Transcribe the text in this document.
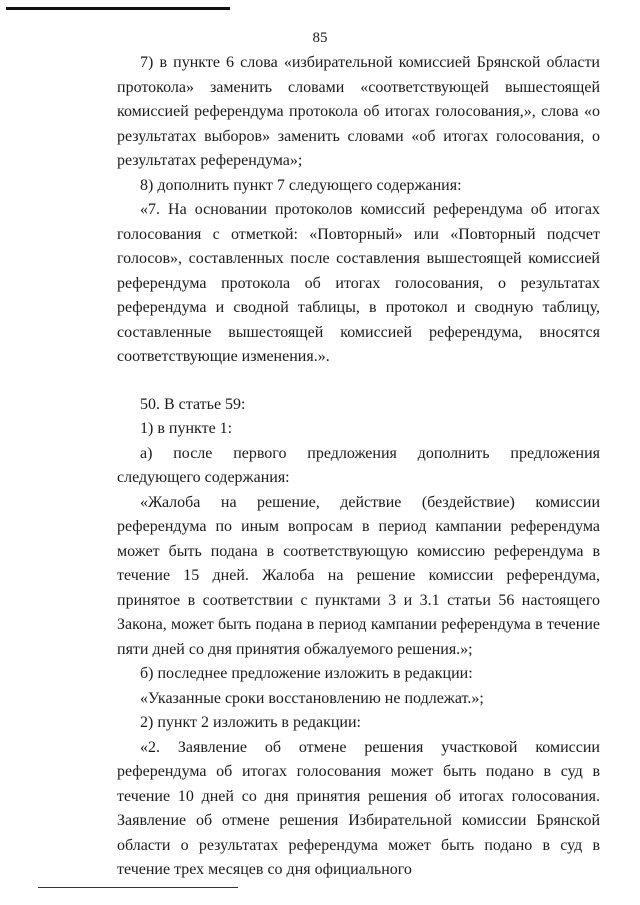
85

7) в пункте 6 слова «избирательной комиссией Брянской области протокола» заменить словами «соответствующей вышестоящей комиссией референдума протокола об итогах голосования,», слова «о результатах выборов» заменить словами «об итогах голосования, о результатах референдума»;

8) дополнить пункт 7 следующего содержания:

«7. На основании протоколов комиссий референдума об итогах голосования с отметкой: «Повторный» или «Повторный подсчет голосов», составленных после составления вышестоящей комиссией референдума протокола об итогах голосования, о результатах референдума и сводной таблицы, в протокол и сводную таблицу, составленные вышестоящей комиссией референдума, вносятся соответствующие изменения.».

50. В статье 59:

1) в пункте 1:

а) после первого предложения дополнить предложения следующего содержания:

«Жалоба на решение, действие (бездействие) комиссии референдума по иным вопросам в период кампании референдума может быть подана в соответствующую комиссию референдума в течение 15 дней. Жалоба на решение комиссии референдума, принятое в соответствии с пунктами 3 и 3.1 статьи 56 настоящего Закона, может быть подана в период кампании референдума в течение пяти дней со дня принятия обжалуемого решения.»;

б) последнее предложение изложить в редакции:

«Указанные сроки восстановлению не подлежат.»;

2) пункт 2 изложить в редакции:

«2. Заявление об отмене решения участковой комиссии референдума об итогах голосования может быть подано в суд в течение 10 дней со дня принятия решения об итогах голосования. Заявление об отмене решения Избирательной комиссии Брянской области о результатах референдума может быть подано в суд в течение трех месяцев со дня официального
